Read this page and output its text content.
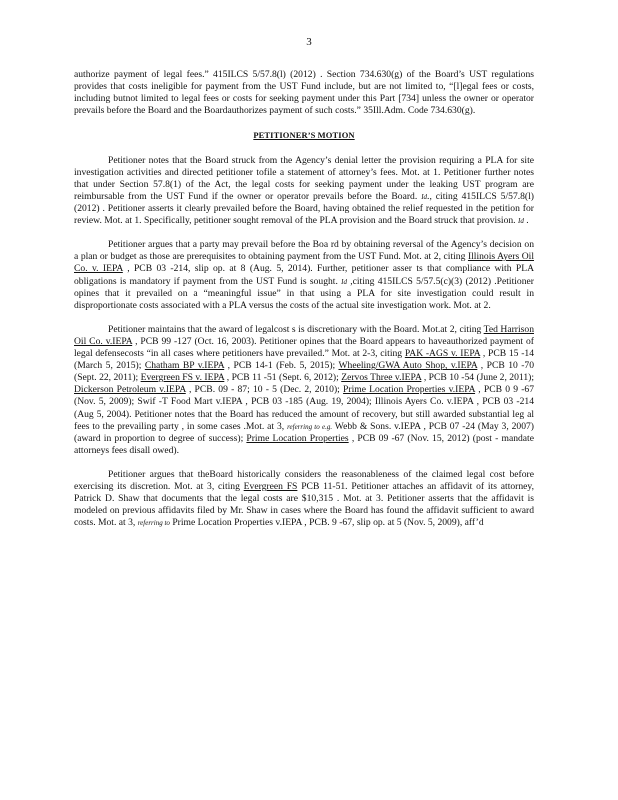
3

authorize payment of legal fees.” 415ILCS 5/57.8(l) (2012) . Section 734.630(g) of the Board’s UST regulations provides that costs ineligible for payment from the UST Fund include, but are not limited to, “[l]egal fees or costs, including butnot limited to legal fees or costs for seeking payment under this Part [734] unless the owner or operator prevails before the Board and the Boardauthorizes payment of such costs.” 35Ill.Adm. Code 734.630(g).

PETITIONER’S MOTION

Petitioner notes that the Board struck from the Agency’s denial letter the provision requiring a PLA for site investigation activities and directed petitioner tofile a statement of attorney’s fees. Mot. at 1. Petitioner further notes that under Section 57.8(1) of the Act, the legal costs for seeking payment under the leaking UST program are reimbursable from the UST Fund if the owner or operator prevails before the Board. Id., citing 415ILCS 5/57.8(l) (2012) . Petitioner asserts it clearly prevailed before the Board, having obtained the relief requested in the petition for review. Mot. at 1. Specifically, petitioner sought removal of the PLA provision and the Board struck that provision. Id .

Petitioner argues that a party may prevail before the Boa rd by obtaining reversal of the Agency’s decision on a plan or budget as those are prerequisites to obtaining payment from the UST Fund. Mot. at 2, citing Illinois Ayers Oil Co. v. IEPA , PCB 03 -214, slip op. at 8 (Aug. 5, 2014). Further, petitioner asser ts that compliance with PLA obligations is mandatory if payment from the UST Fund is sought. Id ,citing 415ILCS 5/57.5(c)(3) (2012) .Petitioner opines that it prevailed on a “meaningful issue” in that using a PLA for site investigation could result in disproportionate costs associated with a PLA versus the costs of the actual site investigation work. Mot. at 2.

Petitioner maintains that the award of legalcost s is discretionary with the Board. Mot.at 2, citing Ted Harrison Oil Co. v.IEPA , PCB 99 -127 (Oct. 16, 2003). Petitioner opines that the Board appears to haveauthorized payment of legal defensecosts “in all cases where petitioners have prevailed.” Mot. at 2-3, citing PAK -AGS v. IEPA , PCB 15 -14 (March 5, 2015); Chatham BP v.IEPA , PCB 14-1 (Feb. 5, 2015); Wheeling/GWA Auto Shop, v.IEPA , PCB 10 -70 (Sept. 22, 2011); Evergreen FS v. IEPA , PCB 11 -51 (Sept. 6, 2012); Zervos Three v.IEPA , PCB 10 -54 (June 2, 2011); Dickerson Petroleum v.IEPA , PCB. 09 - 87; 10 - 5 (Dec. 2, 2010); Prime Location Properties v.IEPA , PCB 0 9 -67 (Nov. 5, 2009); Swif -T Food Mart v.IEPA , PCB 03 -185 (Aug. 19, 2004); Illinois Ayers Co. v.IEPA , PCB 03 -214 (Aug 5, 2004). Petitioner notes that the Board has reduced the amount of recovery, but still awarded substantial leg al fees to the prevailing party , in some cases .Mot. at 3, referring to e.g. Webb & Sons. v.IEPA , PCB 07 -24 (May 3, 2007) (award in proportion to degree of success); Prime Location Properties , PCB 09 -67 (Nov. 15, 2012) (post - mandate attorneys fees disall owed).

Petitioner argues that theBoard historically considers the reasonableness of the claimed legal cost before exercising its discretion. Mot. at 3, citing Evergreen FS PCB 11-51. Petitioner attaches an affidavit of its attorney, Patrick D. Shaw that documents that the legal costs are $10,315 . Mot. at 3. Petitioner asserts that the affidavit is modeled on previous affidavits filed by Mr. Shaw in cases where the Board has found the affidavit sufficient to award costs. Mot. at 3, referring to Prime Location Properties v.IEPA , PCB. 9 -67, slip op. at 5 (Nov. 5, 2009), aff’d
